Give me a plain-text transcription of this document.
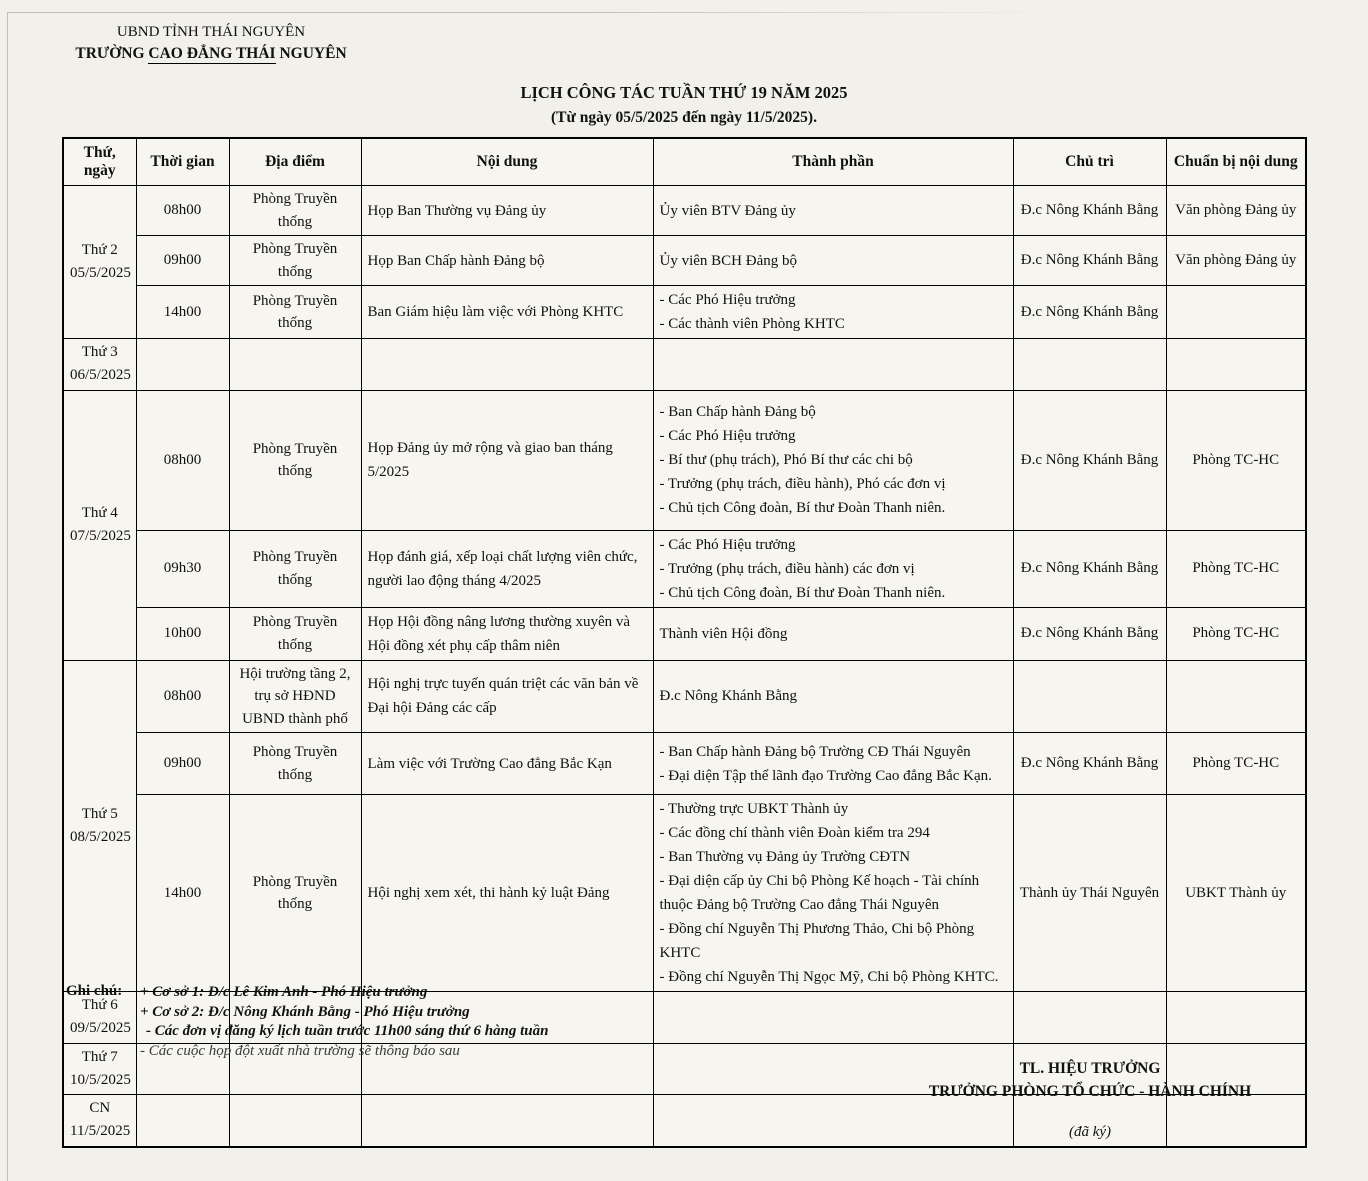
UBND TỈNH THÁI NGUYÊN
TRƯỜNG CAO ĐẲNG THÁI NGUYÊN
LỊCH CÔNG TÁC TUẦN THỨ 19 NĂM 2025
(Từ ngày 05/5/2025 đến ngày 11/5/2025).
Thứ, ngày	Thời gian	Địa điểm	Nội dung	Thành phần	Chủ trì	Chuẩn bị nội dung

Thứ 2
05/5/2025	08h00	Phòng Truyền thống	Họp Ban Thường vụ Đảng ủy	Ủy viên BTV Đảng ủy	Đ.c Nông Khánh Bằng	Văn phòng Đảng ủy
	09h00	Phòng Truyền thống	Họp Ban Chấp hành Đảng bộ	Ủy viên BCH Đảng bộ	Đ.c Nông Khánh Bằng	Văn phòng Đảng ủy
	14h00	Phòng Truyền thống	Ban Giám hiệu làm việc với Phòng KHTC	- Các Phó Hiệu trưởng
- Các thành viên Phòng KHTC	Đ.c Nông Khánh Bằng	

Thứ 3
06/5/2025						

Thứ 4
07/5/2025
	08h00	Phòng Truyền thống	Họp Đảng ủy mở rộng và giao ban tháng 5/2025	
- Ban Chấp hành Đảng bộ
- Các Phó Hiệu trưởng
- Bí thư (phụ trách), Phó Bí thư các chi bộ
- Trưởng (phụ trách, điều hành), Phó các đơn vị
- Chủ tịch Công đoàn, Bí thư Đoàn Thanh niên.
	Đ.c Nông Khánh Bằng	Phòng TC-HC
	09h30	Phòng Truyền thống	Họp đánh giá, xếp loại chất lượng viên chức, người lao động tháng 4/2025	- Các Phó Hiệu trưởng
- Trưởng (phụ trách, điều hành) các đơn vị
- Chủ tịch Công đoàn, Bí thư Đoàn Thanh niên.	Đ.c Nông Khánh Bằng	Phòng TC-HC
	10h00	Phòng Truyền thống	Họp Hội đồng nâng lương thường xuyên và Hội đồng xét phụ cấp thâm niên	Thành viên Hội đồng	Đ.c Nông Khánh Bằng	Phòng TC-HC

Thứ 5
08/5/2025	08h00	Hội trường tầng 2, trụ sở HĐND UBND thành phố	Hội nghị trực tuyến quán triệt các văn bản về Đại hội Đảng các cấp	Đ.c Nông Khánh Bằng		

	09h00	Phòng Truyền thống	Làm việc với Trường Cao đẳng Bắc Kạn	- Ban Chấp hành Đảng bộ Trường CĐ Thái Nguyên
- Đại diện Tập thể lãnh đạo Trường Cao đẳng Bắc Kạn.	Đ.c Nông Khánh Bằng	Phòng TC-HC
14h00	Phòng Truyền thống	Hội nghị xem xét, thi hành kỷ luật Đảng	
- Thường trực UBKT Thành ủy
- Các đồng chí thành viên Đoàn kiểm tra 294
- Ban Thường vụ Đảng ủy Trường CĐTN
- Đại diện cấp ủy Chi bộ Phòng Kế hoạch - Tài chính thuộc Đảng bộ Trường Cao đẳng Thái Nguyên
- Đồng chí Nguyễn Thị Phương Thảo, Chi bộ Phòng KHTC
- Đồng chí Nguyễn Thị Ngọc Mỹ, Chi bộ Phòng KHTC.
	Thành ủy Thái Nguyên	UBKT Thành ủy

Thứ 6
09/5/2025						

Thứ 7
10/5/2025						

CN
11/5/2025						

Ghi chú: + Cơ sở 1: Đ/c Lê Kim Anh - Phó Hiệu trưởng
+ Cơ sở 2: Đ/c Nông Khánh Bằng - Phó Hiệu trưởng
- Các đơn vị đăng ký lịch tuần trước 11h00 sáng thứ 6 hàng tuần
- Các cuộc họp đột xuất nhà trường sẽ thông báo sau
TL. HIỆU TRƯỞNG
TRƯỞNG PHÒNG TỔ CHỨC - HÀNH CHÍNH
(đã ký)
